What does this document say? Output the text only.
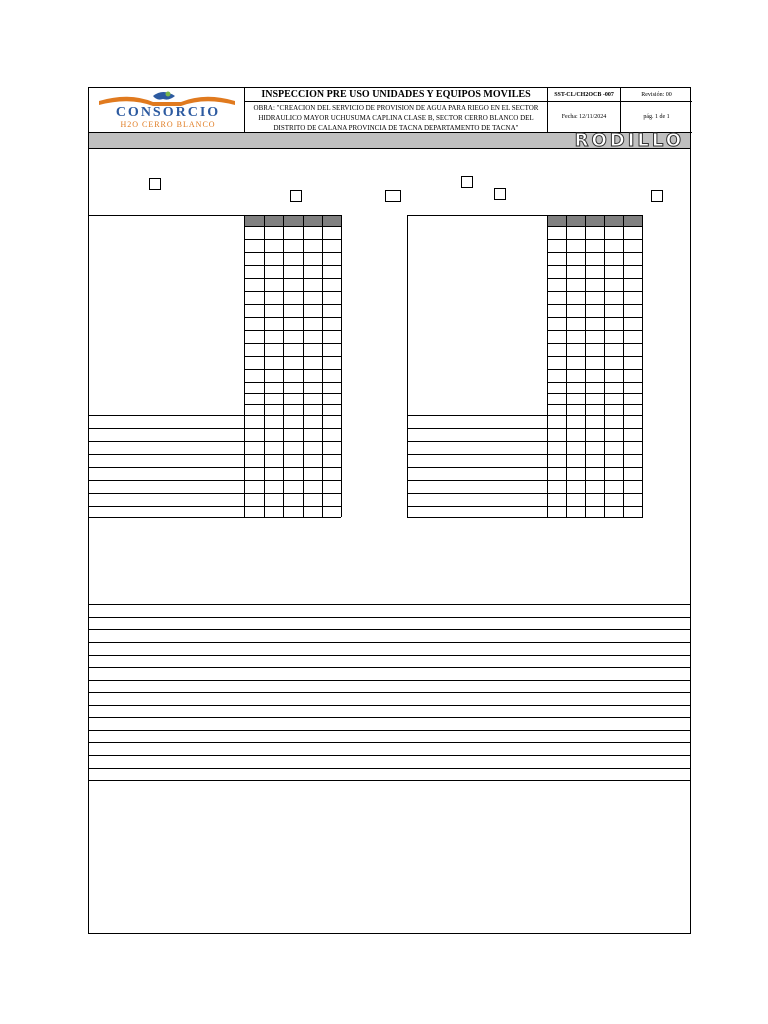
CONSORCIO
H2O CERRO BLANCO
INSPECCION PRE USO UNIDADES Y EQUIPOS MOVILES
OBRA: "CREACION DEL SERVICIO DE PROVISION DE AGUA PARA RIEGO EN EL SECTOR HIDRAULICO MAYOR UCHUSUMA CAPLINA CLASE B, SECTOR CERRO BLANCO DEL DISTRITO DE CALANA PROVINCIA DE TACNA DEPARTAMENTO DE TACNA"
SST-CL/CH2OCB -007	Revisión: 00
Fecha: 12/11/2024	pág. 1 de 1
RODILLO
